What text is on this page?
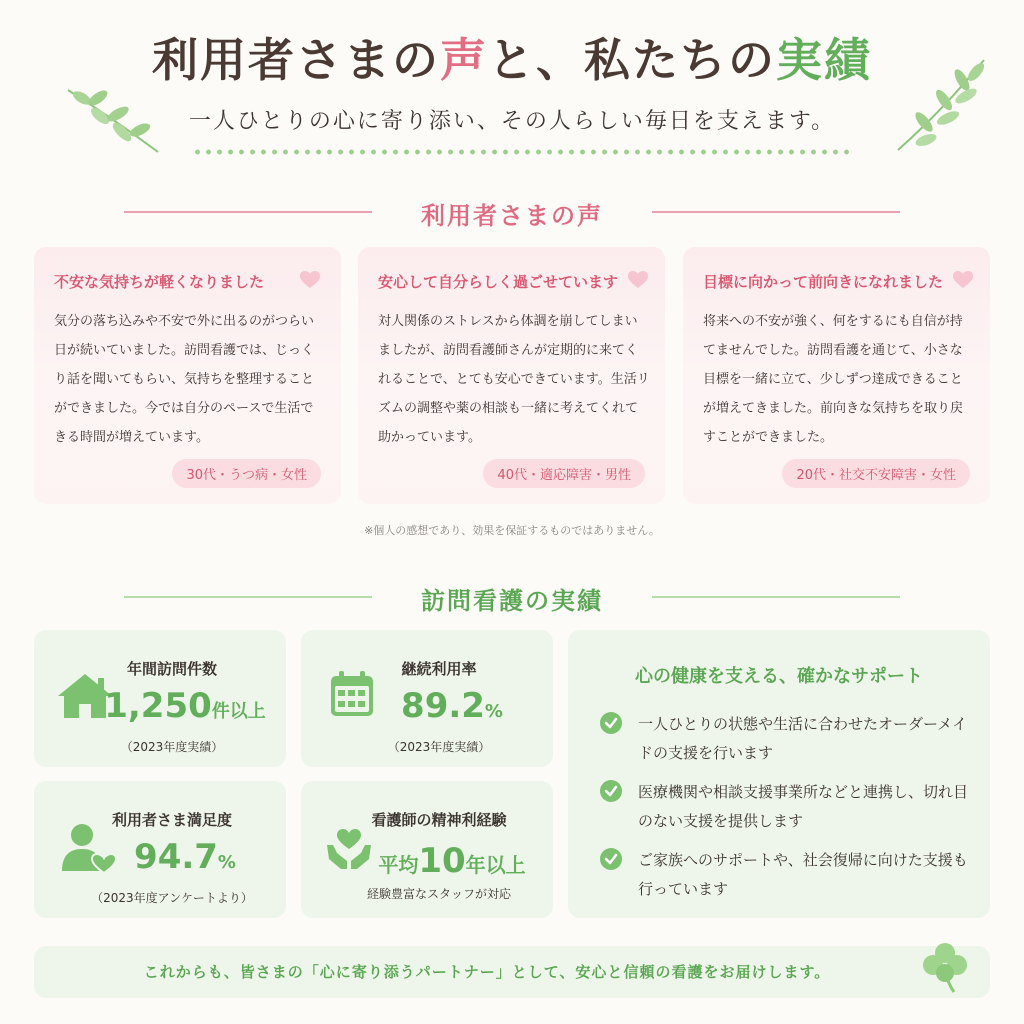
利用者さまの声と、私たちの実績
一人ひとりの心に寄り添い、その人らしい毎日を支えます。
利用者さまの声
不安な気持ちが軽くなりました
気分の落ち込みや不安で外に出るのがつらい日が続いていました。訪問看護では、じっくり話を聞いてもらい、気持ちを整理することができました。今では自分のペースで生活できる時間が増えています。
30代・うつ病・女性
安心して自分らしく過ごせています
対人関係のストレスから体調を崩してしまいましたが、訪問看護師さんが定期的に来てくれることで、とても安心できています。生活リズムの調整や薬の相談も一緒に考えてくれて助かっています。
40代・適応障害・男性
目標に向かって前向きになれました
将来への不安が強く、何をするにも自信が持てませんでした。訪問看護を通じて、小さな目標を一緒に立て、少しずつ達成できることが増えてきました。前向きな気持ちを取り戻すことができました。
20代・社交不安障害・女性
※個人の感想であり、効果を保証するものではありません。
訪問看護の実績
年間訪問件数
1,250件以上
（2023年度実績）
継続利用率
89.2%
（2023年度実績）
利用者さま満足度
94.7%
（2023年度アンケートより）
看護師の精神利経験
平均10年以上
経験豊富なスタッフが対応
心の健康を支える、確かなサポート
一人ひとりの状態や生活に合わせたオーダーメイドの支援を行います
医療機関や相談支援事業所などと連携し、切れ目のない支援を提供します
ご家族へのサポートや、社会復帰に向けた支援も行っています
これからも、皆さまの「心に寄り添うパートナー」として、安心と信頼の看護をお届けします。
